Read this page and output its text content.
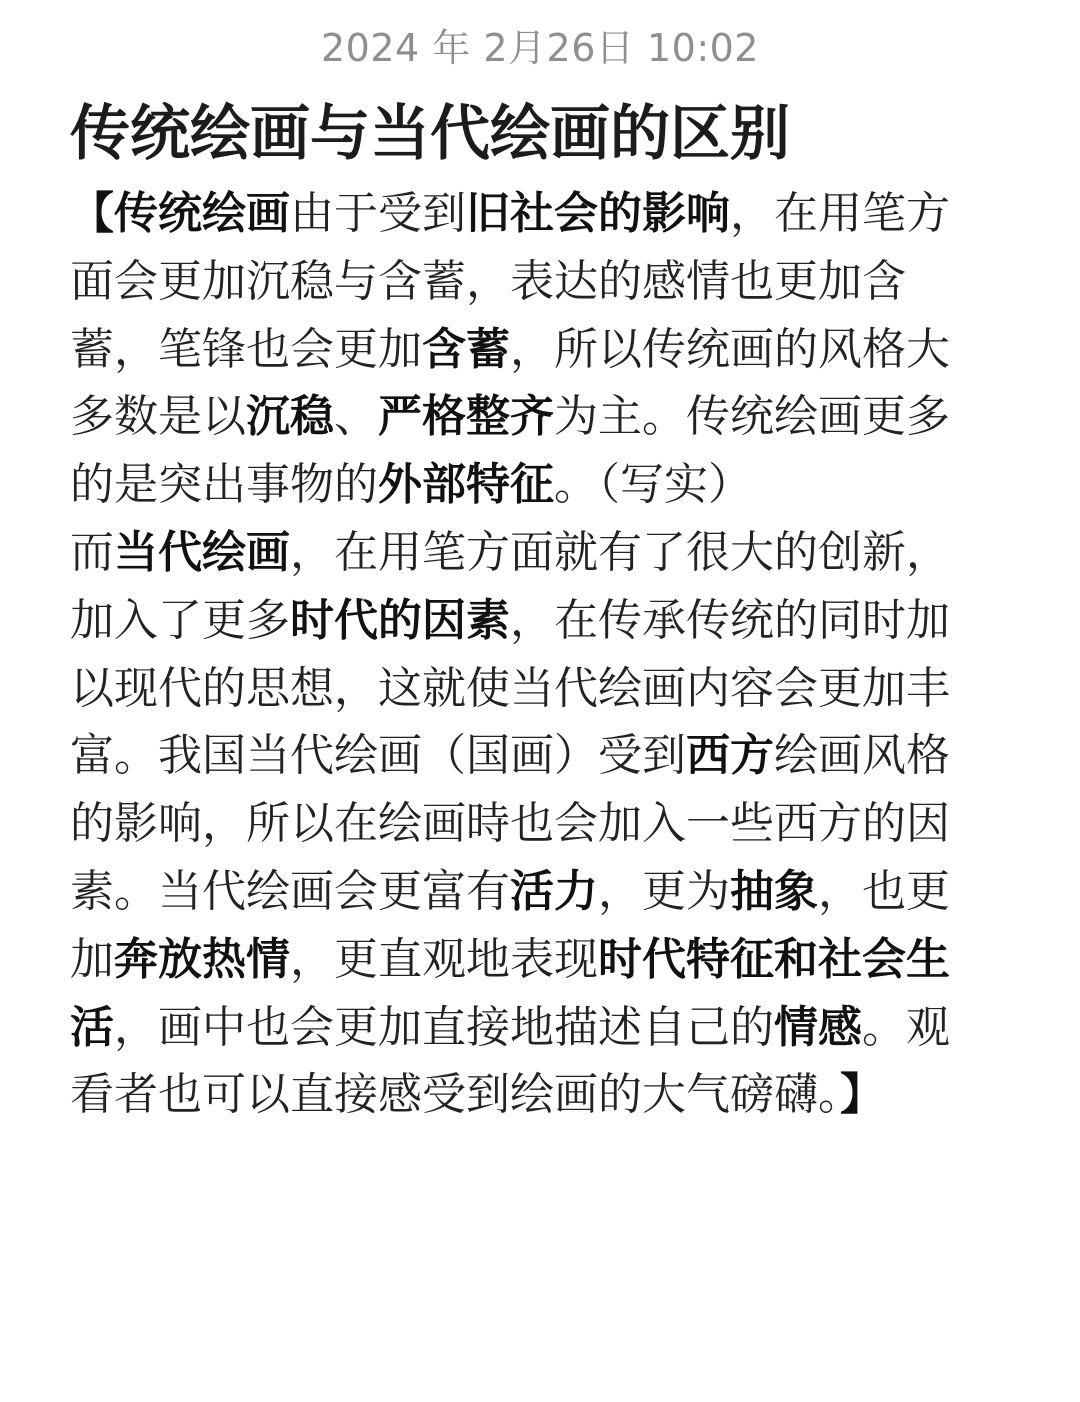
2024 年 2月26日 10:02
传统绘画与当代绘画的区别

【传统绘画由于受到旧社会的影响，在用笔方面会更加沉稳与含蓄，表达的感情也更加含蓄，笔锋也会更加含蓄，所以传统画的风格大多数是以沉稳、严格整齐为主。传统绘画更多的是突出事物的外部特征。（写实）

而当代绘画，在用笔方面就有了很大的创新，加入了更多时代的因素，在传承传统的同时加以现代的思想，这就使当代绘画内容会更加丰富。我国当代绘画（国画）受到西方绘画风格的影响，所以在绘画時也会加入一些西方的因素。当代绘画会更富有活力，更为抽象，也更加奔放热情，更直观地表现时代特征和社会生活，画中也会更加直接地描述自己的情感。观看者也可以直接感受到绘画的大气磅礴。】
